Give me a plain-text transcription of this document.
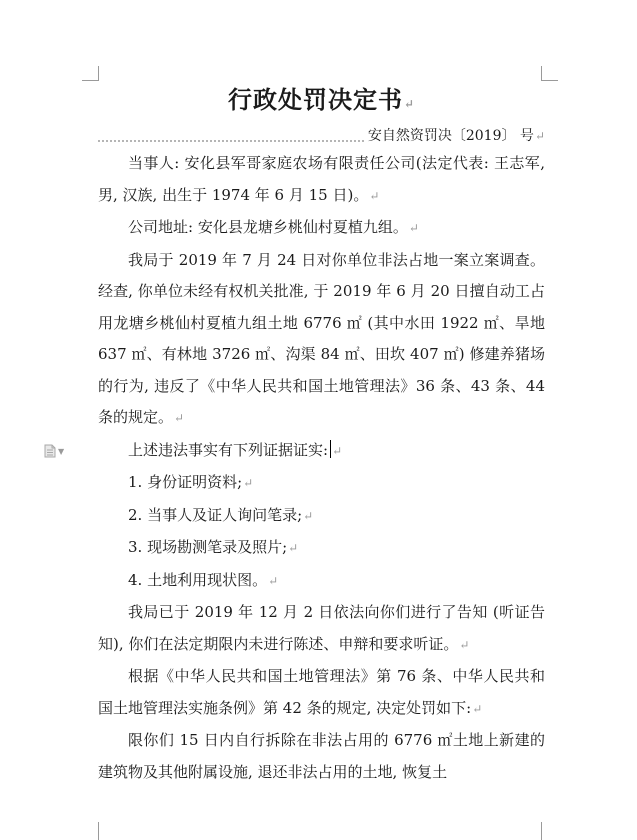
▼
行政处罚决定书↵
安自然资罚决〔2019〕 号 ↵

当事人: 安化县军哥家庭农场有限责任公司(法定代表: 王志军, 男, 汉族, 出生于 1974 年 6 月 15 日)。↵

公司地址: 安化县龙塘乡桃仙村夏植九组。↵

我局于 2019 年 7 月 24 日对你单位非法占地一案立案调查。经查, 你单位未经有权机关批准, 于 2019 年 6 月 20 日擅自动工占用龙塘乡桃仙村夏植九组土地 6776 ㎡ (其中水田 1922 ㎡、旱地 637 ㎡、有林地 3726 ㎡、沟渠 84 ㎡、田坎 407 ㎡) 修建养猪场的行为, 违反了《中华人民共和国土地管理法》36 条、43 条、44 条的规定。↵

上述违法事实有下列证据证实: ↵

1. 身份证明资料;↵

2. 当事人及证人询问笔录;↵

3. 现场勘测笔录及照片;↵

4. 土地利用现状图。↵

我局已于 2019 年 12 月 2 日依法向你们进行了告知 (听证告知), 你们在法定期限内未进行陈述、申辩和要求听证。↵

根据《中华人民共和国土地管理法》第 76 条、中华人民共和国土地管理法实施条例》第 42 条的规定, 决定处罚如下:↵

限你们 15 日内自行拆除在非法占用的 6776 ㎡土地上新建的建筑物及其他附属设施, 退还非法占用的土地, 恢复土
